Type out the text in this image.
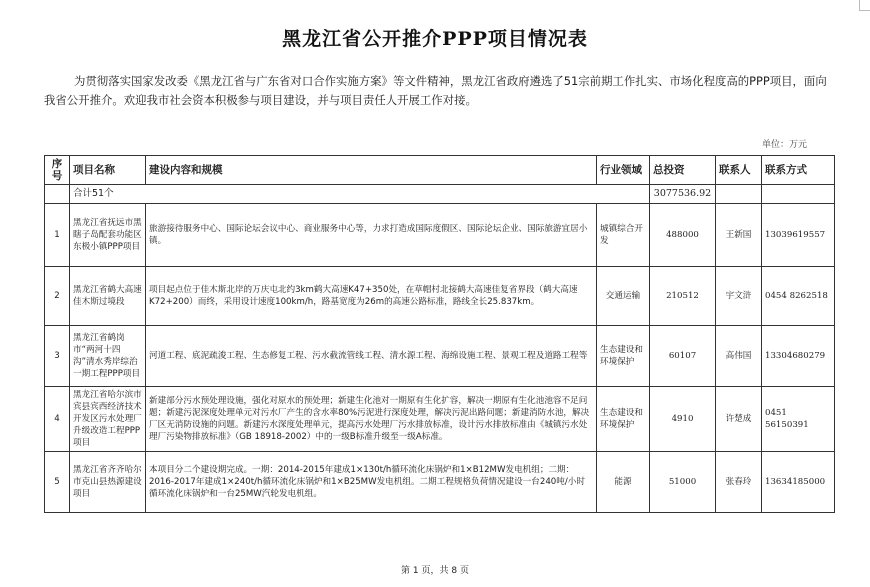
黑龙江省公开推介PPP项目情况表
为贯彻落实国家发改委《黑龙江省与广东省对口合作实施方案》等文件精神，黑龙江省政府遴选了51宗前期工作扎实、市场化程度高的PPP项目，面向我省公开推介。欢迎我市社会资本积极参与项目建设，并与项目责任人开展工作对接。
单位：万元
序号	项目名称	建设内容和规模	行业领域	总投资	联系人	联系方式
	合计51个			3077536.92		
1	黑龙江省抚远市黑瞎子岛配套功能区东极小镇PPP项目	旅游接待服务中心、国际论坛会议中心、商业服务中心等，力求打造成国际度假区、国际论坛企业、国际旅游宜居小镇。	城镇综合开发	488000	王新国	13039619557
2	黑龙江省鹤大高速佳木斯过境段	项目起点位于佳木斯北岸的万庆屯北约3km鹤大高速K47+350处，在草帽村北接鹤大高速佳复省界段（鹤大高速K72+200）而终，采用设计速度100km/h，路基宽度为26m的高速公路标准，路线全长25.837km。	交通运输	210512	宇文浒	0454 8262518
3	黑龙江省鹤岗市“两河十四沟”清水秀岸综治一期工程PPP项目	河道工程、底泥疏浚工程、生态修复工程、污水截流管线工程、清水源工程、海绵设施工程、景观工程及道路工程等	生态建设和环境保护	60107	高伟国	13304680279
4	黑龙江省哈尔滨市宾县宾西经济技术开发区污水处理厂升级改造工程PPP项目	新建部分污水预处理设施，强化对原水的预处理；新建生化池对一期原有生化扩容，解决一期原有生化池池容不足问题；新建污泥深度处理单元对污水厂产生的含水率80%污泥进行深度处理，解决污泥出路问题；新建消防水池，解决厂区无消防设施的问题。新建污水深度处理单元，提高污水处理厂污水排放标准，设计污水排放标准由《城镇污水处理厂污染物排放标准》（GB 18918-2002）中的一级B标准升级至一级A标准。	生态建设和环境保护	4910	许楚成	0451 56150391
5	黑龙江省齐齐哈尔市克山县热源建设项目	本项目分二个建设期完成。一期：2014-2015年建成1×130t/h循环流化床锅炉和1×B12MW发电机组；二期：2016-2017年建成1×240t/h循环流化床锅炉和1×B25MW发电机组。二期工程规格负荷情况建设一台240吨/小时循环流化床锅炉和一台25MW汽轮发电机组。	能源	51000	张春玲	13634185000
第 1 页，共 8 页
